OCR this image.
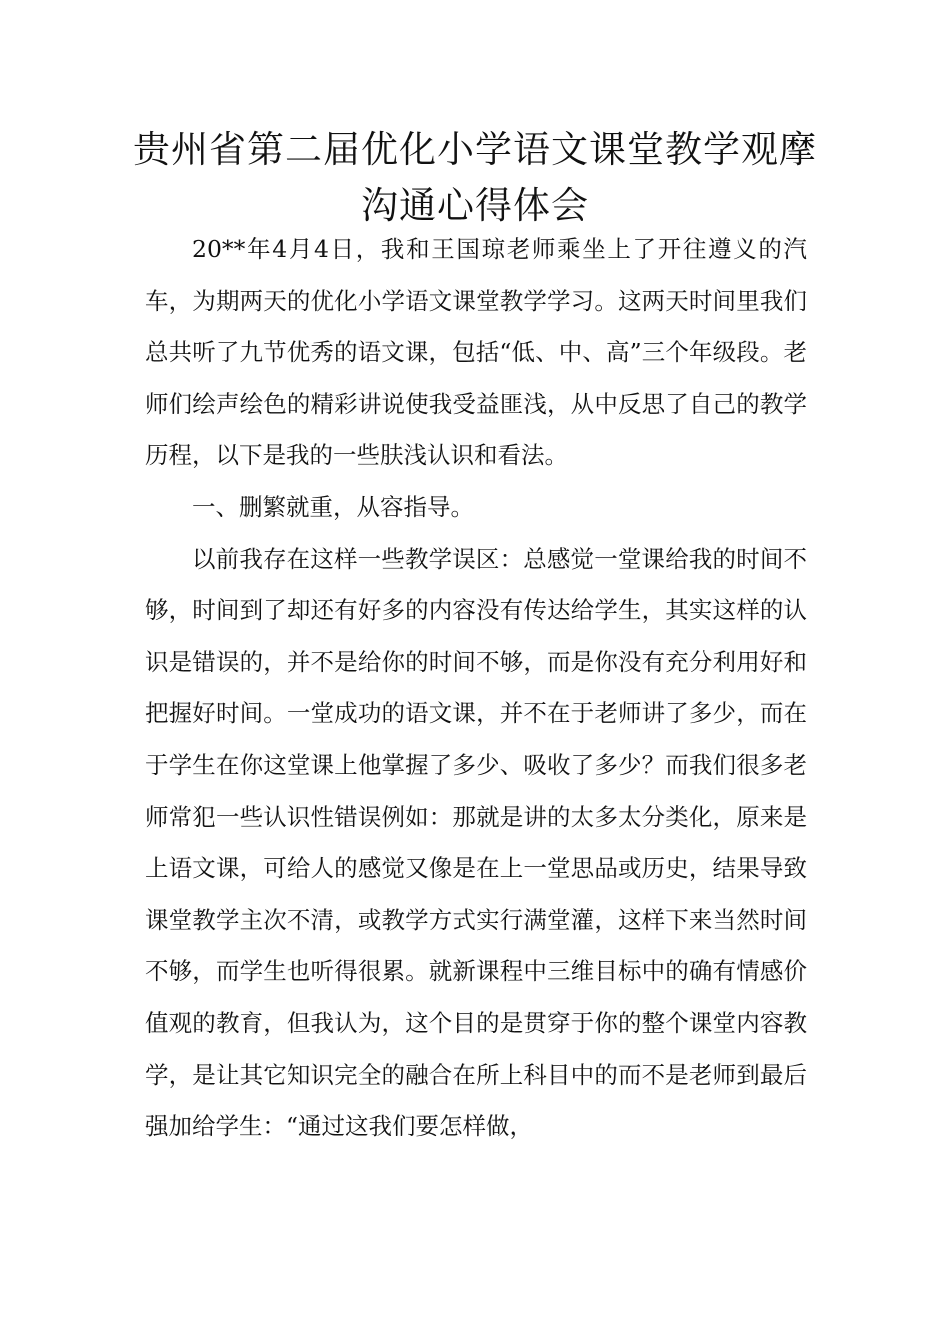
贵州省第二届优化小学语文课堂教学观摩
沟通心得体会

20**年4月4日，我和王国琼老师乘坐上了开往遵义的汽车，为期两天的优化小学语文课堂教学学习。这两天时间里我们总共听了九节优秀的语文课，包括“低、中、高”三个年级段。老师们绘声绘色的精彩讲说使我受益匪浅，从中反思了自己的教学历程，以下是我的一些肤浅认识和看法。

一、删繁就重，从容指导。

以前我存在这样一些教学误区：总感觉一堂课给我的时间不够，时间到了却还有好多的内容没有传达给学生，其实这样的认识是错误的，并不是给你的时间不够，而是你没有充分利用好和把握好时间。一堂成功的语文课，并不在于老师讲了多少，而在于学生在你这堂课上他掌握了多少、吸收了多少？而我们很多老师常犯一些认识性错误例如：那就是讲的太多太分类化，原来是上语文课，可给人的感觉又像是在上一堂思品或历史，结果导致课堂教学主次不清，或教学方式实行满堂灌，这样下来当然时间不够，而学生也听得很累。就新课程中三维目标中的确有情感价值观的教育，但我认为，这个目的是贯穿于你的整个课堂内容教学，是让其它知识完全的融合在所上科目中的而不是老师到最后强加给学生：“通过这我们要怎样做，
